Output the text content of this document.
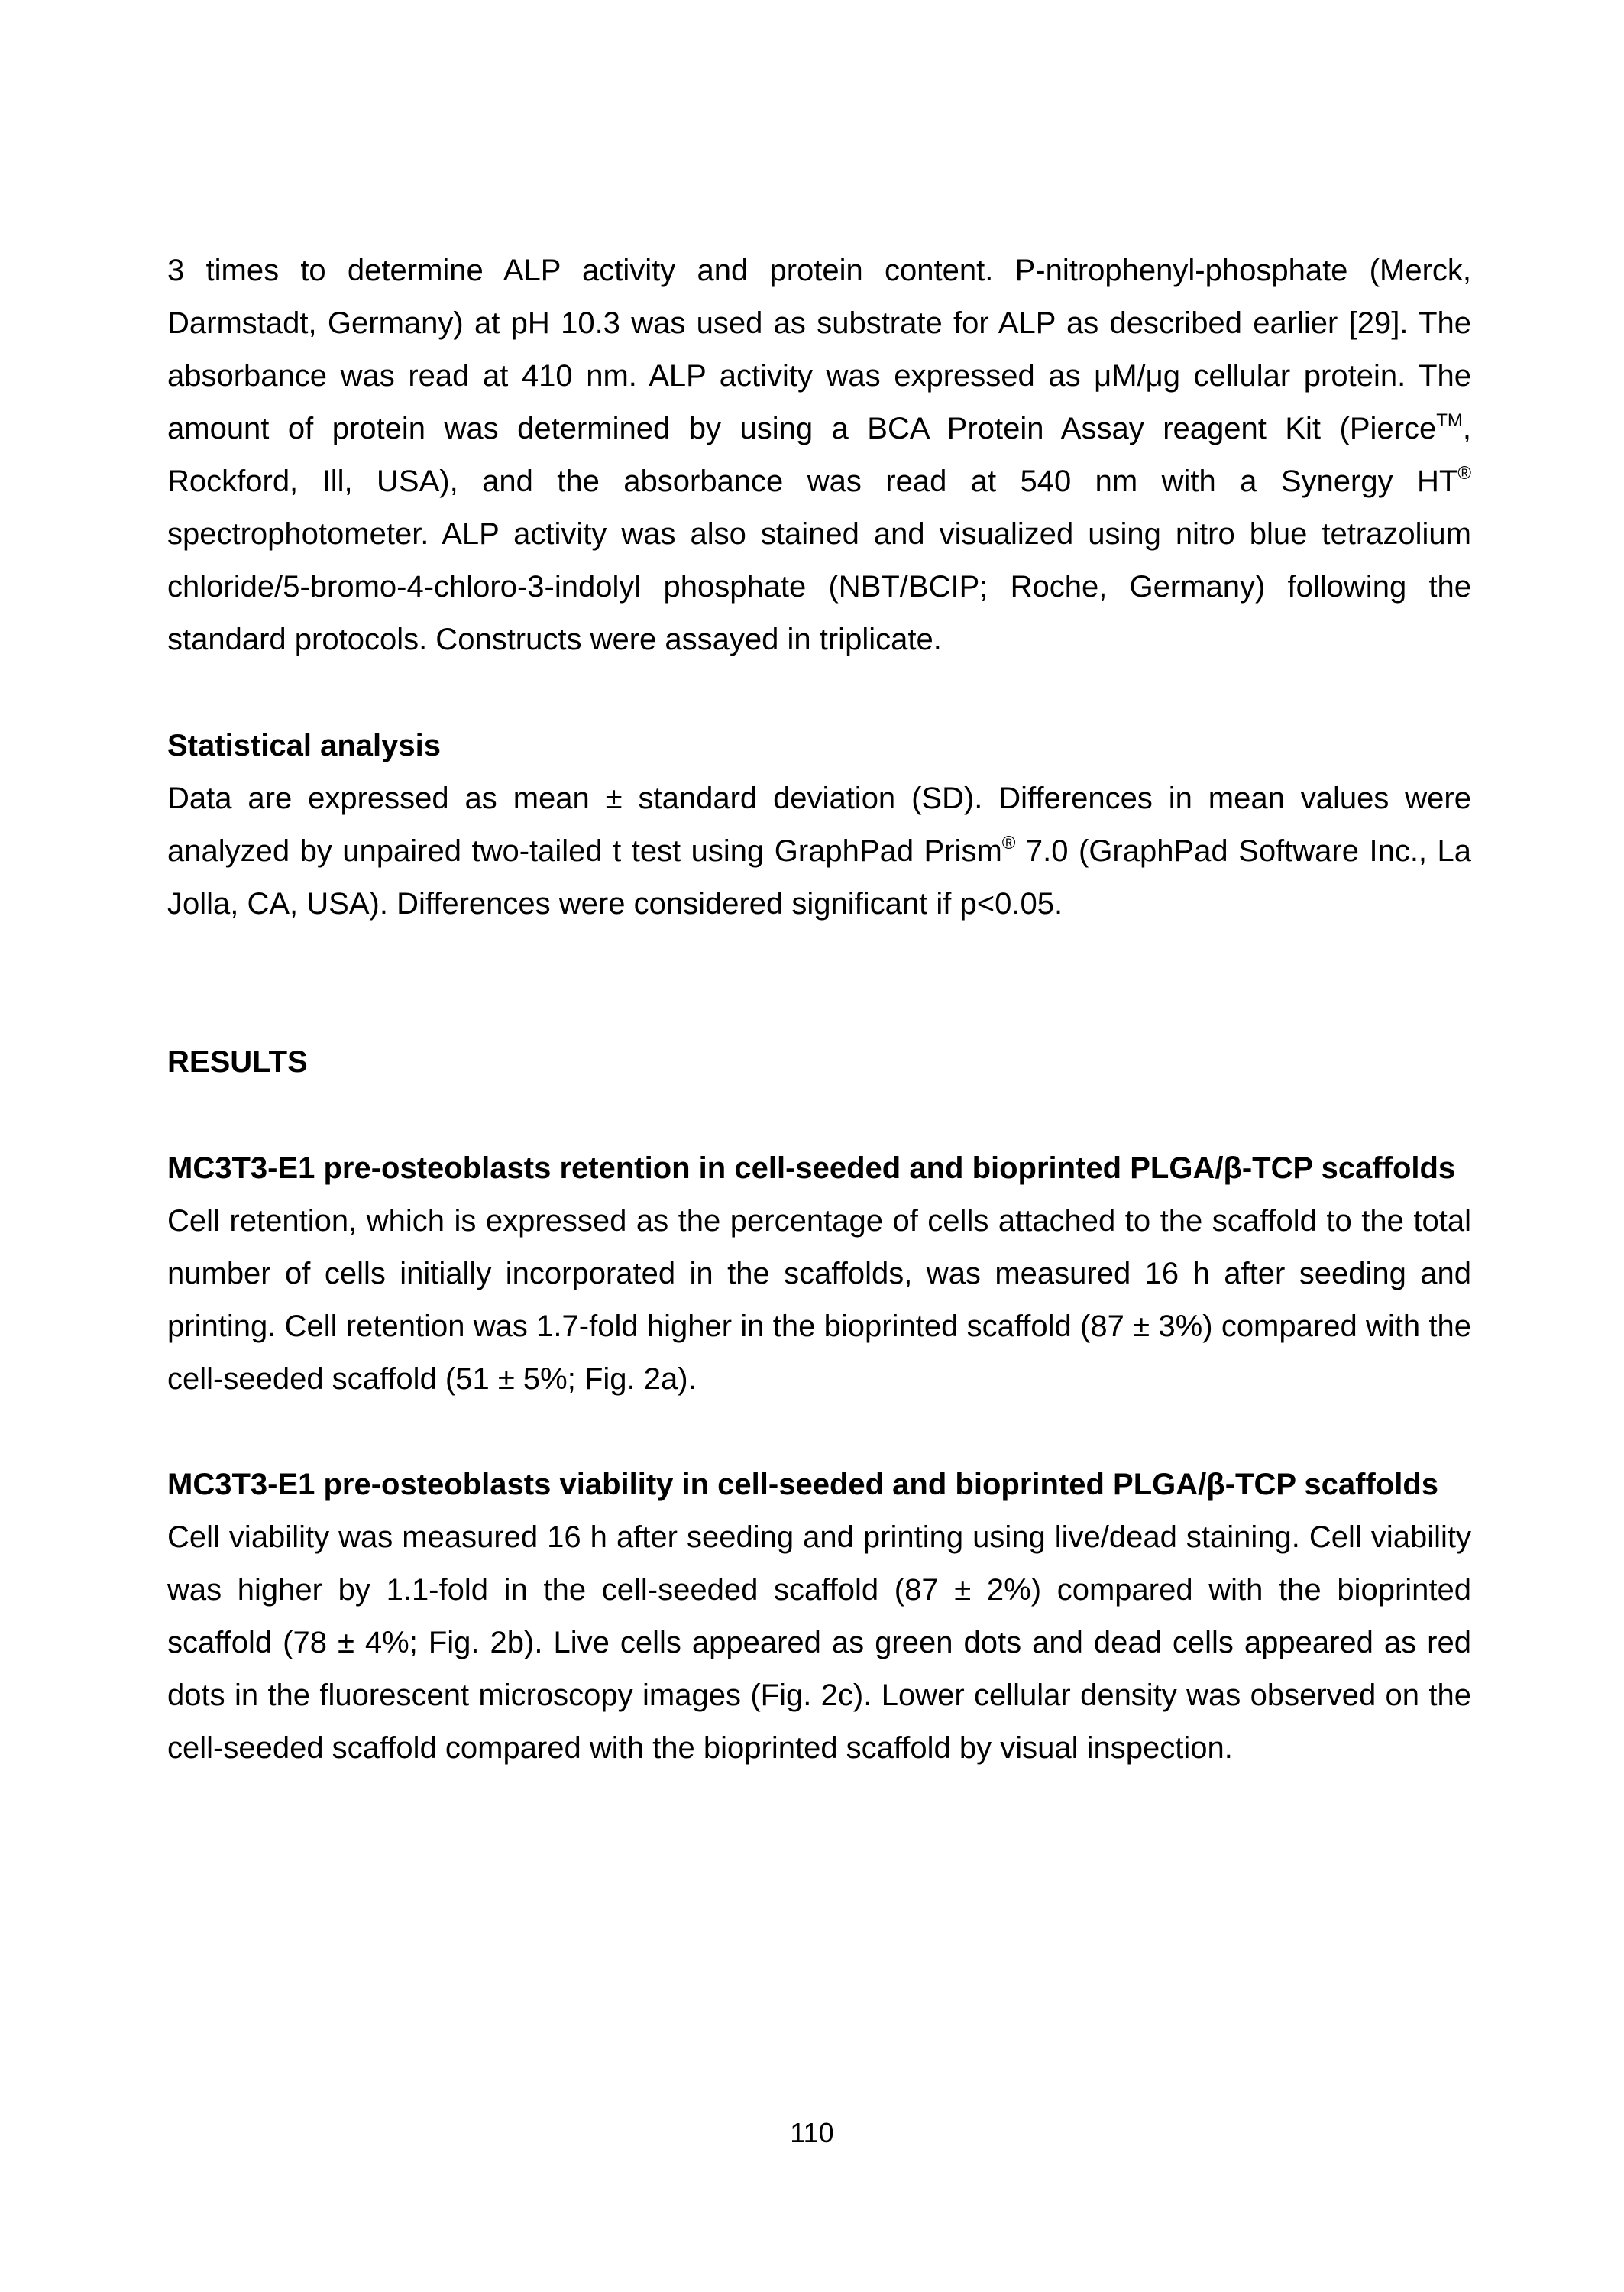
3 times to determine ALP activity and protein content. P-nitrophenyl-phosphate (Merck, Darmstadt, Germany) at pH 10.3 was used as substrate for ALP as described earlier [29]. The absorbance was read at 410 nm. ALP activity was expressed as μM/μg cellular protein. The amount of protein was determined by using a BCA Protein Assay reagent Kit (Pierce™, Rockford, Ill, USA), and the absorbance was read at 540 nm with a Synergy HT® spectrophotometer. ALP activity was also stained and visualized using nitro blue tetrazolium chloride/5-bromo-4-chloro-3-indolyl phosphate (NBT/BCIP; Roche, Germany) following the standard protocols. Constructs were assayed in triplicate.

Statistical analysis

Data are expressed as mean ± standard deviation (SD). Differences in mean values were analyzed by unpaired two-tailed t test using GraphPad Prism® 7.0 (GraphPad Software Inc., La Jolla, CA, USA). Differences were considered significant if p<0.05.

RESULTS
MC3T3-E1 pre-osteoblasts retention in cell-seeded and bioprinted PLGA/β-TCP scaffolds

Cell retention, which is expressed as the percentage of cells attached to the scaffold to the total number of cells initially incorporated in the scaffolds, was measured 16 h after seeding and printing. Cell retention was 1.7-fold higher in the bioprinted scaffold (87 ± 3%) compared with the cell-seeded scaffold (51 ± 5%; Fig. 2a).

MC3T3-E1 pre-osteoblasts viability in cell-seeded and bioprinted PLGA/β-TCP scaffolds

Cell viability was measured 16 h after seeding and printing using live/dead staining. Cell viability was higher by 1.1-fold in the cell-seeded scaffold (87 ± 2%) compared with the bioprinted scaffold (78 ± 4%; Fig. 2b). Live cells appeared as green dots and dead cells appeared as red dots in the fluorescent microscopy images (Fig. 2c). Lower cellular density was observed on the cell-seeded scaffold compared with the bioprinted scaffold by visual inspection.

110
